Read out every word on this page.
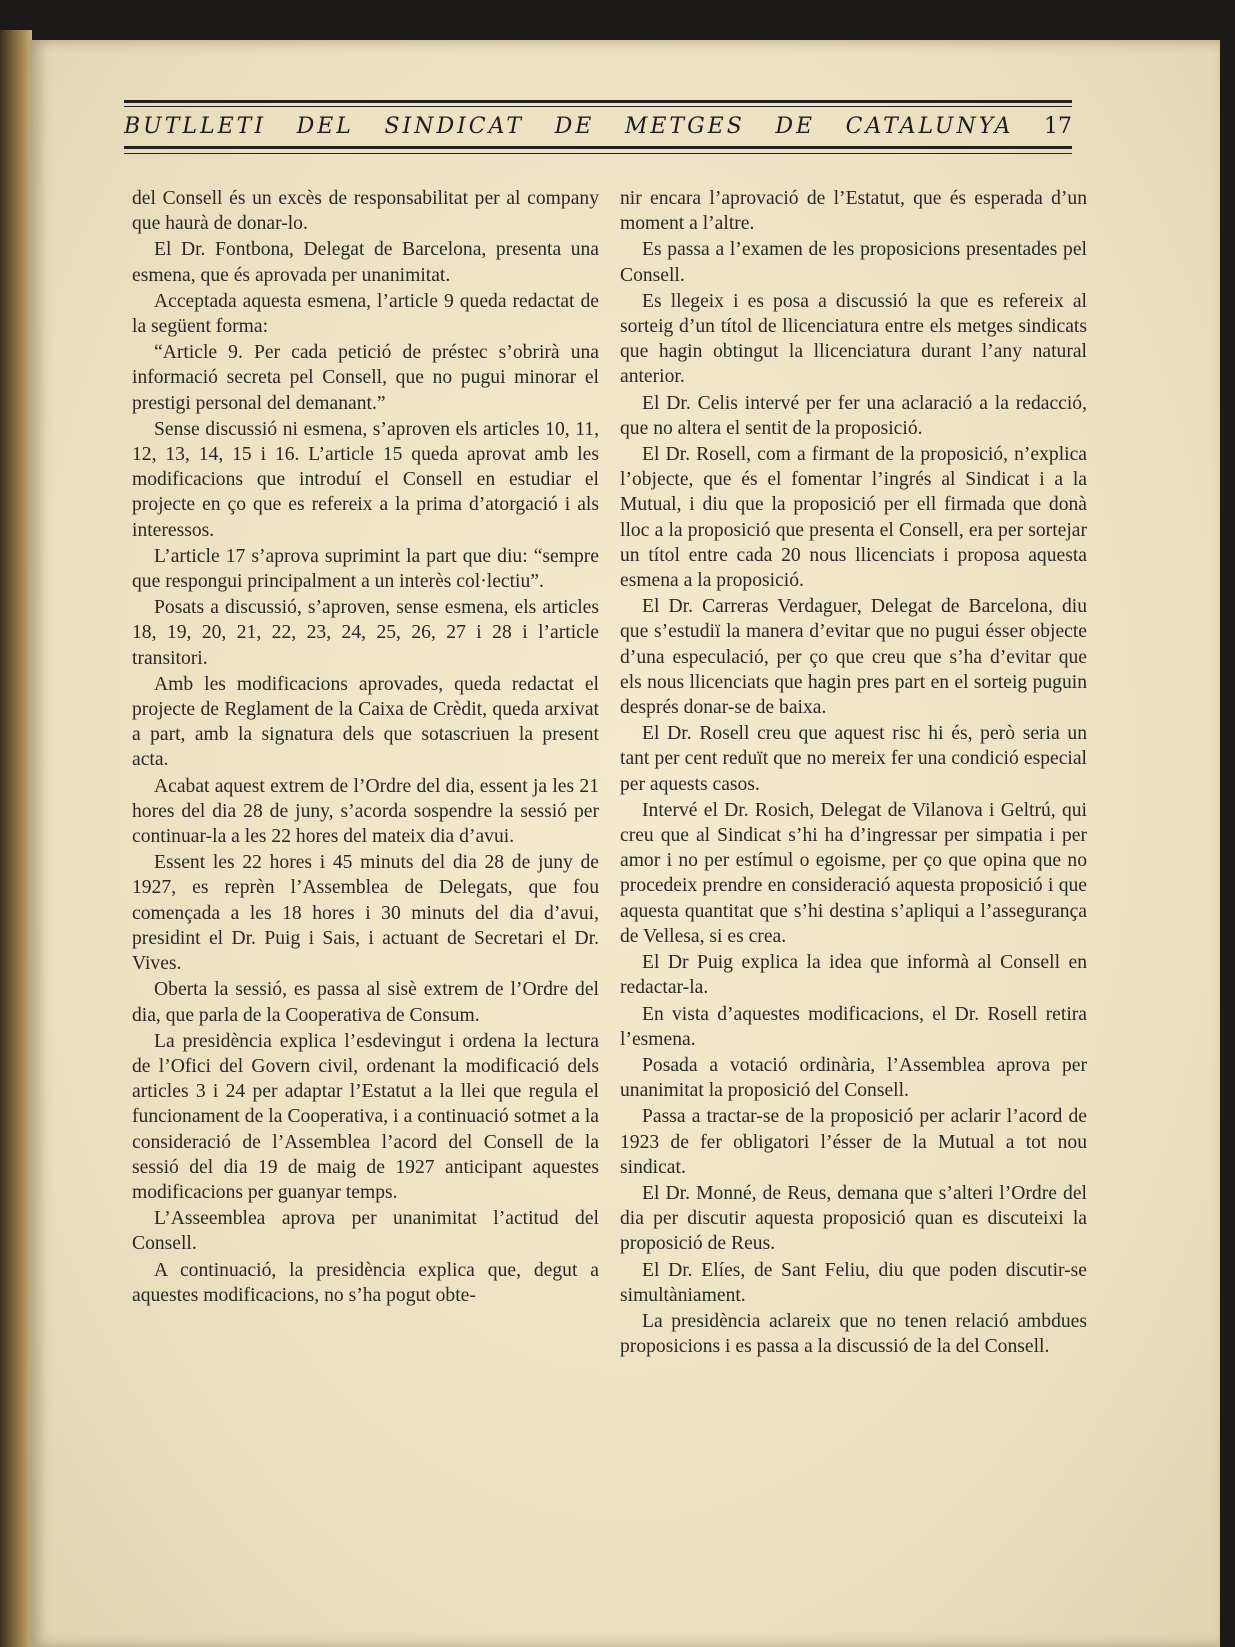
BUTLLETI DEL SINDICAT DE METGES DE CATALUNYA 17

del Consell és un excès de responsabilitat per al company que haurà de donar-lo.

El Dr. Fontbona, Delegat de Barcelona, presenta una esmena, que és aprovada per unanimitat.

Acceptada aquesta esmena, l’article 9 queda redactat de la següent forma:

“Article 9. Per cada petició de préstec s’obrirà una informació secreta pel Consell, que no pugui minorar el prestigi personal del demanant.”

Sense discussió ni esmena, s’aproven els articles 10, 11, 12, 13, 14, 15 i 16. L’article 15 queda aprovat amb les modificacions que introduí el Consell en estudiar el projecte en ço que es refereix a la prima d’atorgació i als interessos.

L’article 17 s’aprova suprimint la part que diu: “sempre que respongui principalment a un interès col·lectiu”.

Posats a discussió, s’aproven, sense esmena, els articles 18, 19, 20, 21, 22, 23, 24, 25, 26, 27 i 28 i l’article transitori.

Amb les modificacions aprovades, queda redactat el projecte de Reglament de la Caixa de Crèdit, queda arxivat a part, amb la signatura dels que sotascriuen la present acta.

Acabat aquest extrem de l’Ordre del dia, essent ja les 21 hores del dia 28 de juny, s’acorda sospendre la sessió per continuar-la a les 22 hores del mateix dia d’avui.

Essent les 22 hores i 45 minuts del dia 28 de juny de 1927, es reprèn l’Assemblea de Delegats, que fou començada a les 18 hores i 30 minuts del dia d’avui, presidint el Dr. Puig i Sais, i actuant de Secretari el Dr. Vives.

Oberta la sessió, es passa al sisè extrem de l’Ordre del dia, que parla de la Cooperativa de Consum.

La presidència explica l’esdevingut i ordena la lectura de l’Ofici del Govern civil, ordenant la modificació dels articles 3 i 24 per adaptar l’Estatut a la llei que regula el funcionament de la Cooperativa, i a continuació sotmet a la consideració de l’Assemblea l’acord del Consell de la sessió del dia 19 de maig de 1927 anticipant aquestes modificacions per guanyar temps.

L’Asseemblea aprova per unanimitat l’actitud del Consell.

A continuació, la presidència explica que, degut a aquestes modificacions, no s’ha pogut obte-

nir encara l’aprovació de l’Estatut, que és esperada d’un moment a l’altre.

Es passa a l’examen de les proposicions presentades pel Consell.

Es llegeix i es posa a discussió la que es refereix al sorteig d’un títol de llicenciatura entre els metges sindicats que hagin obtingut la llicenciatura durant l’any natural anterior.

El Dr. Celis intervé per fer una aclaració a la redacció, que no altera el sentit de la proposició.

El Dr. Rosell, com a firmant de la proposició, n’explica l’objecte, que és el fomentar l’ingrés al Sindicat i a la Mutual, i diu que la proposició per ell firmada que donà lloc a la proposició que presenta el Consell, era per sortejar un títol entre cada 20 nous llicenciats i proposa aquesta esmena a la proposició.

El Dr. Carreras Verdaguer, Delegat de Barcelona, diu que s’estudiï la manera d’evitar que no pugui ésser objecte d’una especulació, per ço que creu que s’ha d’evitar que els nous llicenciats que hagin pres part en el sorteig puguin després donar-se de baixa.

El Dr. Rosell creu que aquest risc hi és, però seria un tant per cent reduït que no mereix fer una condició especial per aquests casos.

Intervé el Dr. Rosich, Delegat de Vilanova i Geltrú, qui creu que al Sindicat s’hi ha d’ingressar per simpatia i per amor i no per estímul o egoisme, per ço que opina que no procedeix prendre en consideració aquesta proposició i que aquesta quantitat que s’hi destina s’apliqui a l’asseguranҫa de Vellesa, si es crea.

El Dr Puig explica la idea que informà al Consell en redactar-la.

En vista d’aquestes modificacions, el Dr. Rosell retira l’esmena.

Posada a votació ordinària, l’Assemblea aprova per unanimitat la proposició del Consell.

Passa a tractar-se de la proposició per aclarir l’acord de 1923 de fer obligatori l’ésser de la Mutual a tot nou sindicat.

El Dr. Monné, de Reus, demana que s’alteri l’Ordre del dia per discutir aquesta proposició quan es discuteixi la proposició de Reus.

El Dr. Elíes, de Sant Feliu, diu que poden discutir-se simultàniament.

La presidència aclareix que no tenen relació ambdues proposicions i es passa a la discussió de la del Consell.
